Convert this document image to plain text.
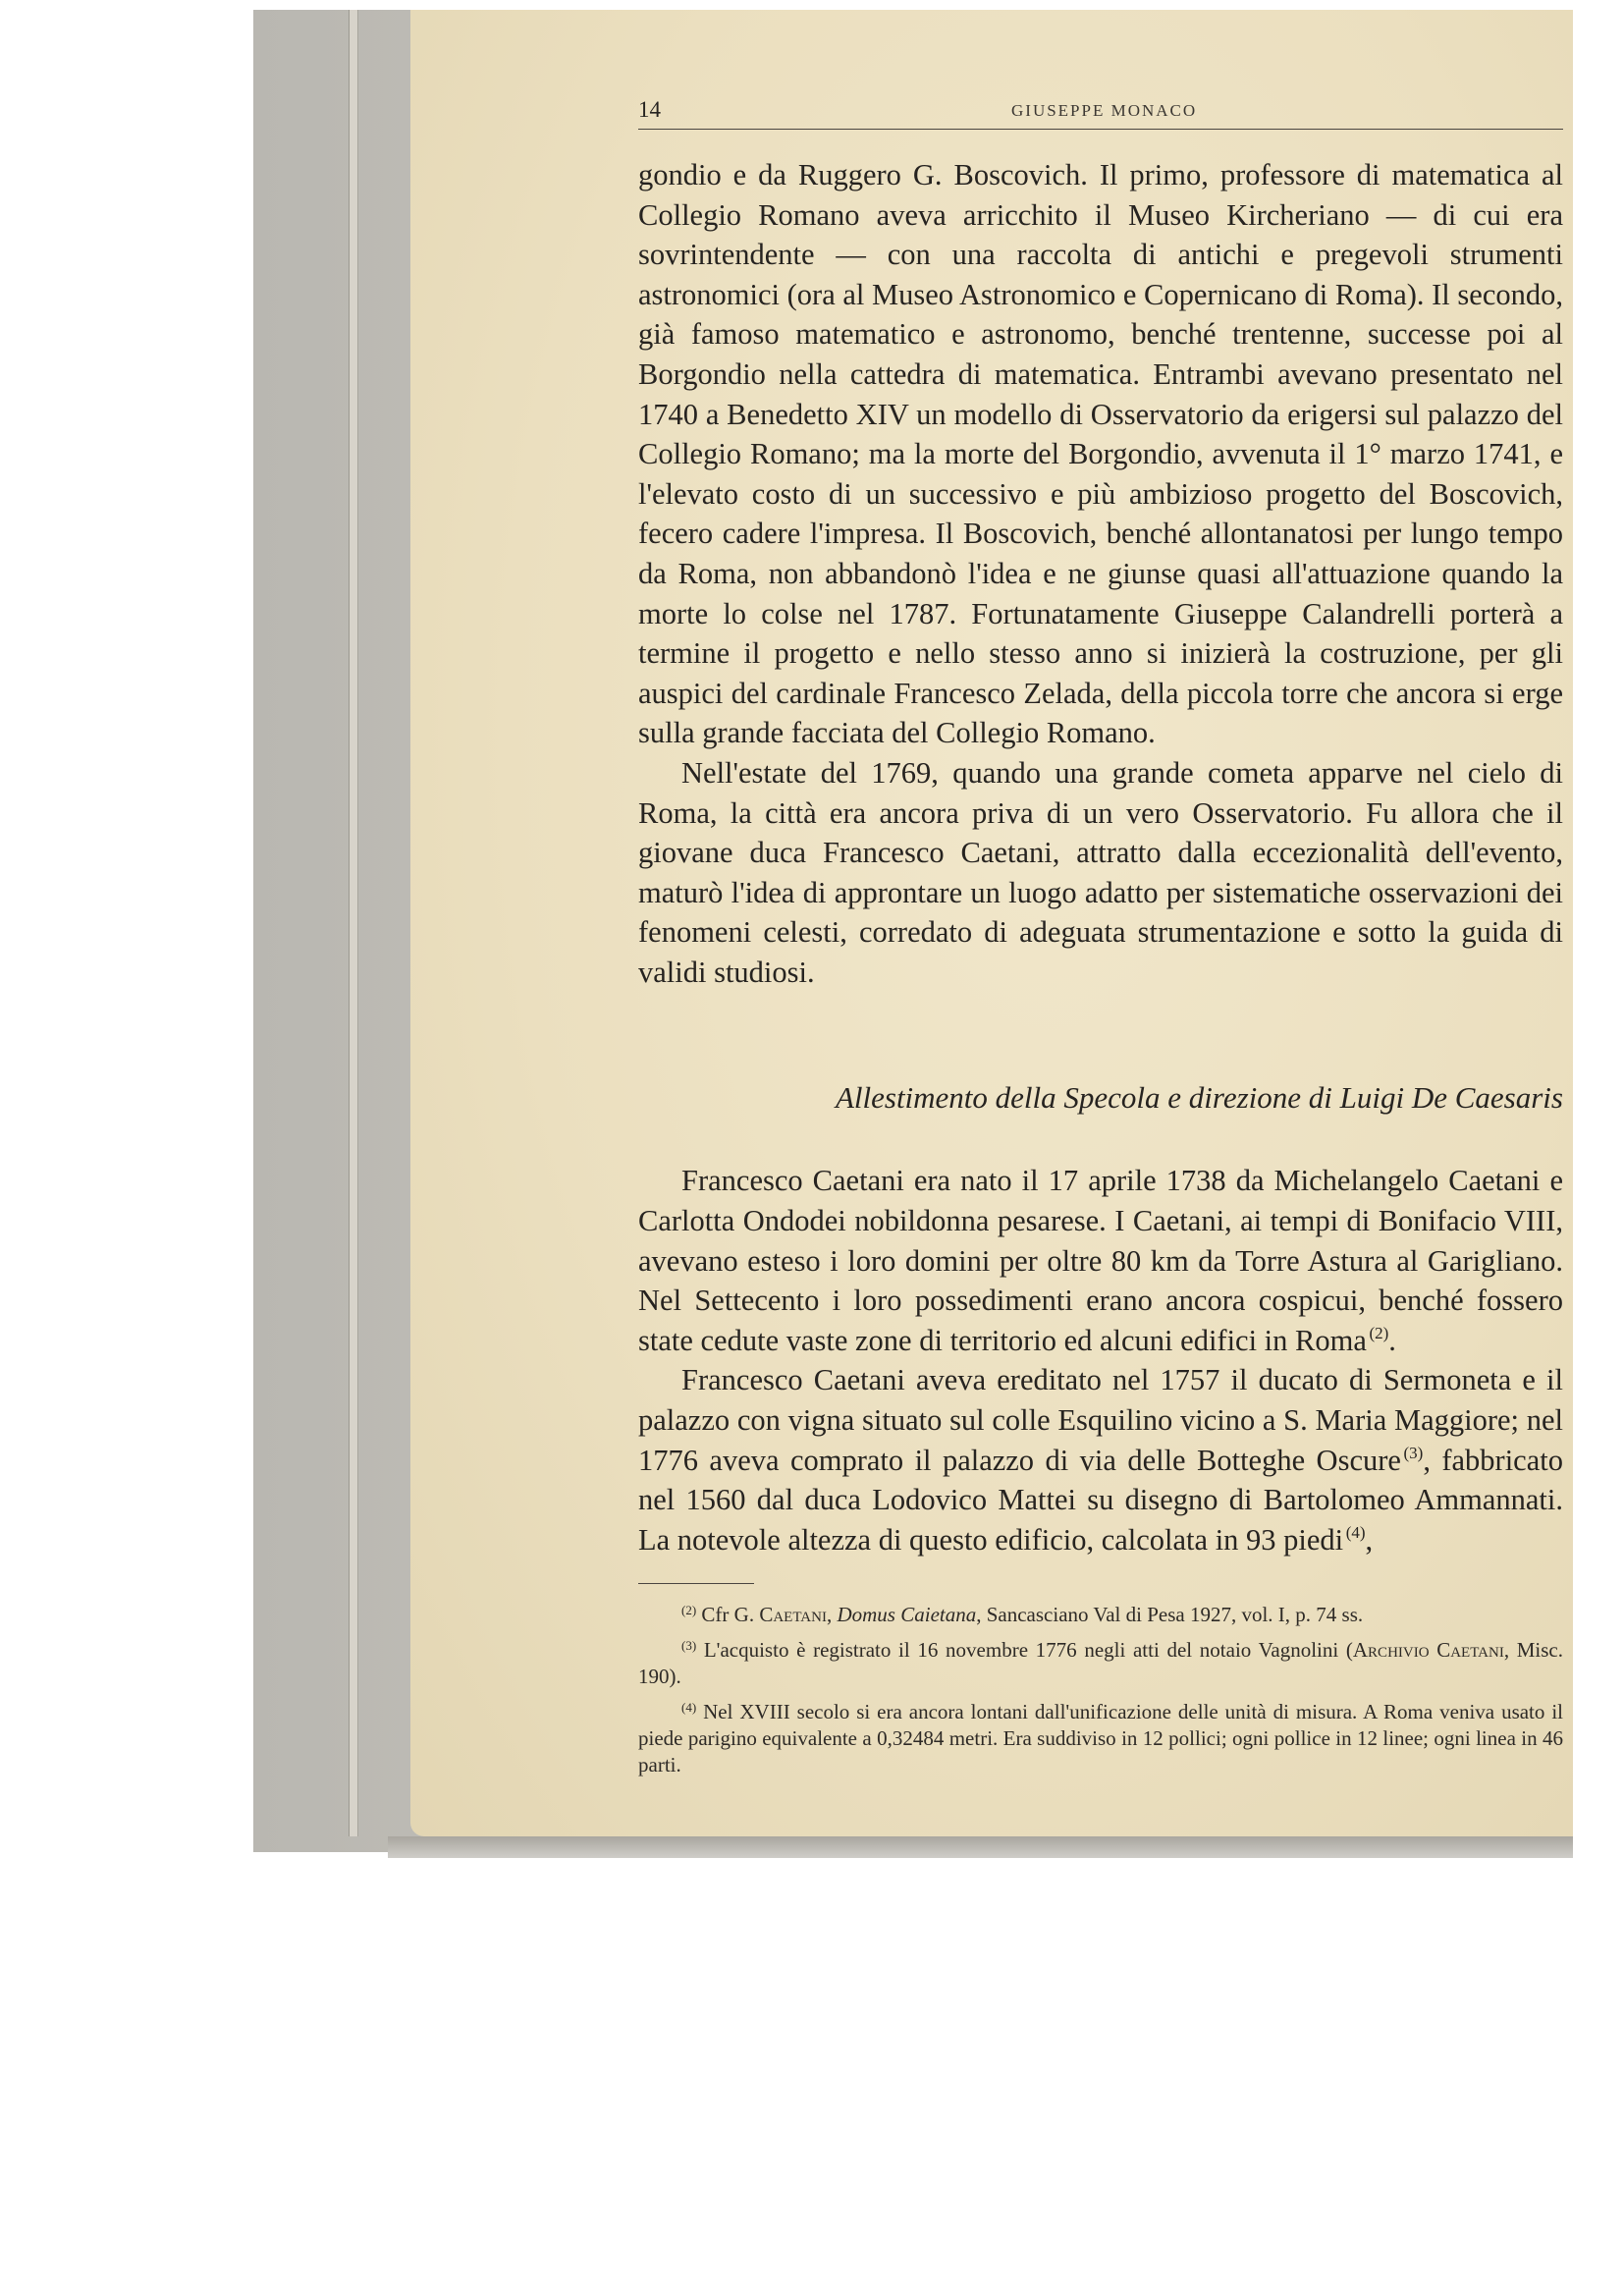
14	GIUSEPPE MONACO

gondio e da Ruggero G. Boscovich. Il primo, professore di matematica al Collegio Romano aveva arricchito il Museo Kircheriano — di cui era sovrintendente — con una raccolta di antichi e pregevoli strumenti astronomici (ora al Museo Astronomico e Copernicano di Roma). Il secondo, già famoso matematico e astronomo, benché trentenne, successe poi al Borgondio nella cattedra di matematica. Entrambi avevano presentato nel 1740 a Benedetto XIV un modello di Osservatorio da erigersi sul palazzo del Collegio Romano; ma la morte del Borgondio, avvenuta il 1° marzo 1741, e l'elevato costo di un successivo e più ambizioso progetto del Boscovich, fecero cadere l'impresa. Il Boscovich, benché allontanatosi per lungo tempo da Roma, non abbandonò l'idea e ne giunse quasi all'attuazione quando la morte lo colse nel 1787. Fortunatamente Giuseppe Calandrelli porterà a termine il progetto e nello stesso anno si inizierà la costruzione, per gli auspici del cardinale Francesco Zelada, della piccola torre che ancora si erge sulla grande facciata del Collegio Romano.

Nell'estate del 1769, quando una grande cometa apparve nel cielo di Roma, la città era ancora priva di un vero Osservatorio. Fu allora che il giovane duca Francesco Caetani, attratto dalla eccezionalità dell'evento, maturò l'idea di approntare un luogo adatto per sistematiche osservazioni dei fenomeni celesti, corredato di adeguata strumentazione e sotto la guida di validi studiosi.

Allestimento della Specola e direzione di Luigi De Caesaris

Francesco Caetani era nato il 17 aprile 1738 da Michelangelo Caetani e Carlotta Ondodei nobildonna pesarese. I Caetani, ai tempi di Bonifacio VIII, avevano esteso i loro domini per oltre 80 km da Torre Astura al Garigliano. Nel Settecento i loro possedimenti erano ancora cospicui, benché fossero state cedute vaste zone di territorio ed alcuni edifici in Roma  $^{(2)}$.

Francesco Caetani aveva ereditato nel 1757 il ducato di Sermoneta e il palazzo con vigna situato sul colle Esquilino vicino a S. Maria Maggiore; nel 1776 aveva comprato il palazzo di via delle Botteghe Oscure  $^{(3)}$, fabbricato nel 1560 dal duca Lodovico Mattei su disegno di Bartolomeo Ammannati. La notevole altezza di questo edificio, calcolata in 93 piedi  $^{(4)}$,

$^{(2)}$ Cfr G. Caetani, Domus Caietana, Sancasciano Val di Pesa 1927, vol. I, p. 74 ss.

$^{(3)}$ L'acquisto è registrato il 16 novembre 1776 negli atti del notaio Vagnolini (Archivio Caetani, Misc. 190).

$^{(4)}$ Nel XVIII secolo si era ancora lontani dall'unificazione delle unità di misura. A Roma veniva usato il piede parigino equivalente a 0,32484 metri. Era suddiviso in 12 pollici; ogni pollice in 12 linee; ogni linea in 46 parti.
